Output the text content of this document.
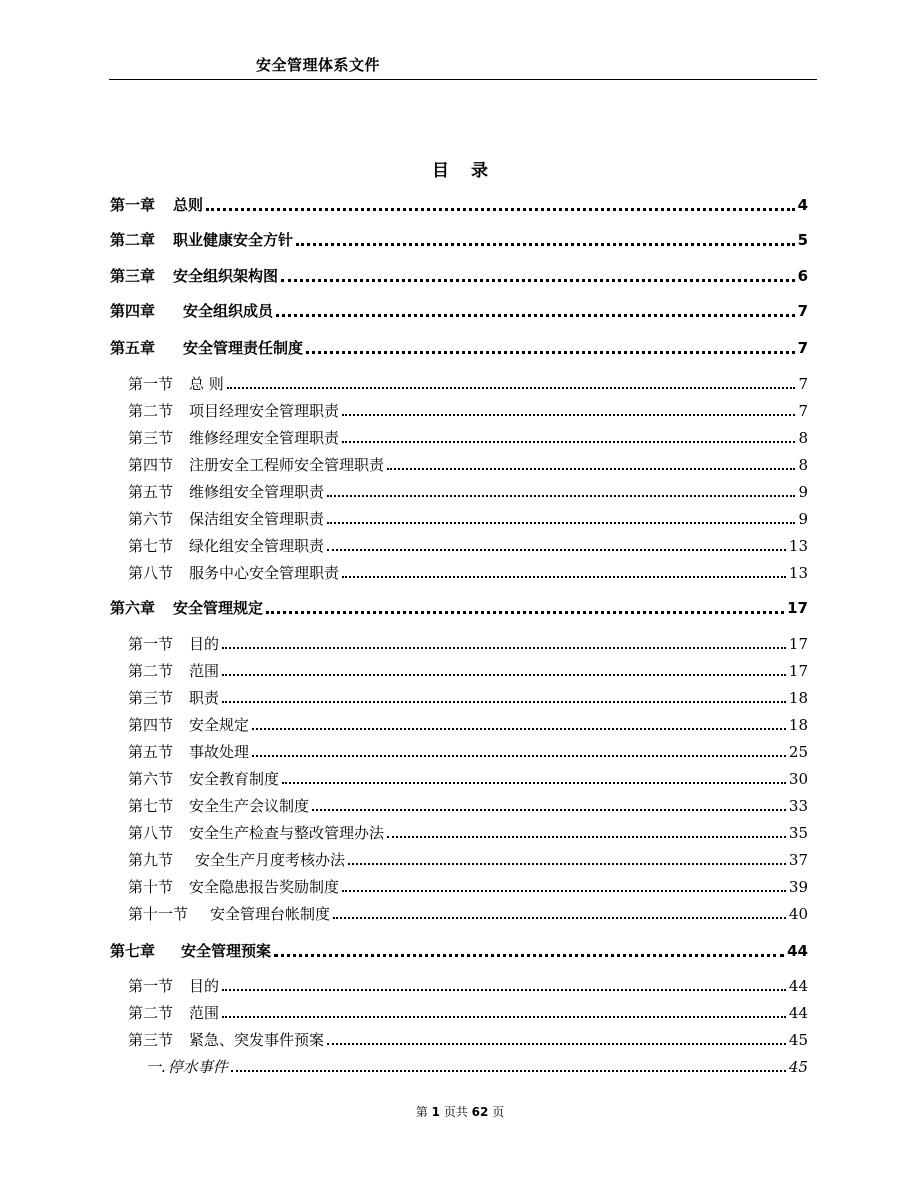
安全管理体系文件
目 录
第一章 总则	4
第二章 职业健康安全方针	5
第三章 安全组织架构图	6
第四章 安全组织成员	7
第五章 安全管理责任制度	7
第一节 总 则	7
第二节 项目经理安全管理职责	7
第三节 维修经理安全管理职责	8
第四节 注册安全工程师安全管理职责	8
第五节 维修组安全管理职责	9
第六节 保洁组安全管理职责	9
第七节 绿化组安全管理职责	13
第八节 服务中心安全管理职责	13
第六章 安全管理规定	17
第一节 目的	17
第二节 范围	17
第三节 职责	18
第四节 安全规定	18
第五节 事故处理	25
第六节 安全教育制度	30
第七节 安全生产会议制度	33
第八节 安全生产检查与整改管理办法	35
第九节 安全生产月度考核办法	37
第十节 安全隐患报告奖励制度	39
第十一节 安全管理台帐制度	40
第七章 安全管理预案	44
第一节 目的	44
第二节 范围	44
第三节 紧急、突发事件预案	45
一. 停水事件	45
第 1 页共 62 页
